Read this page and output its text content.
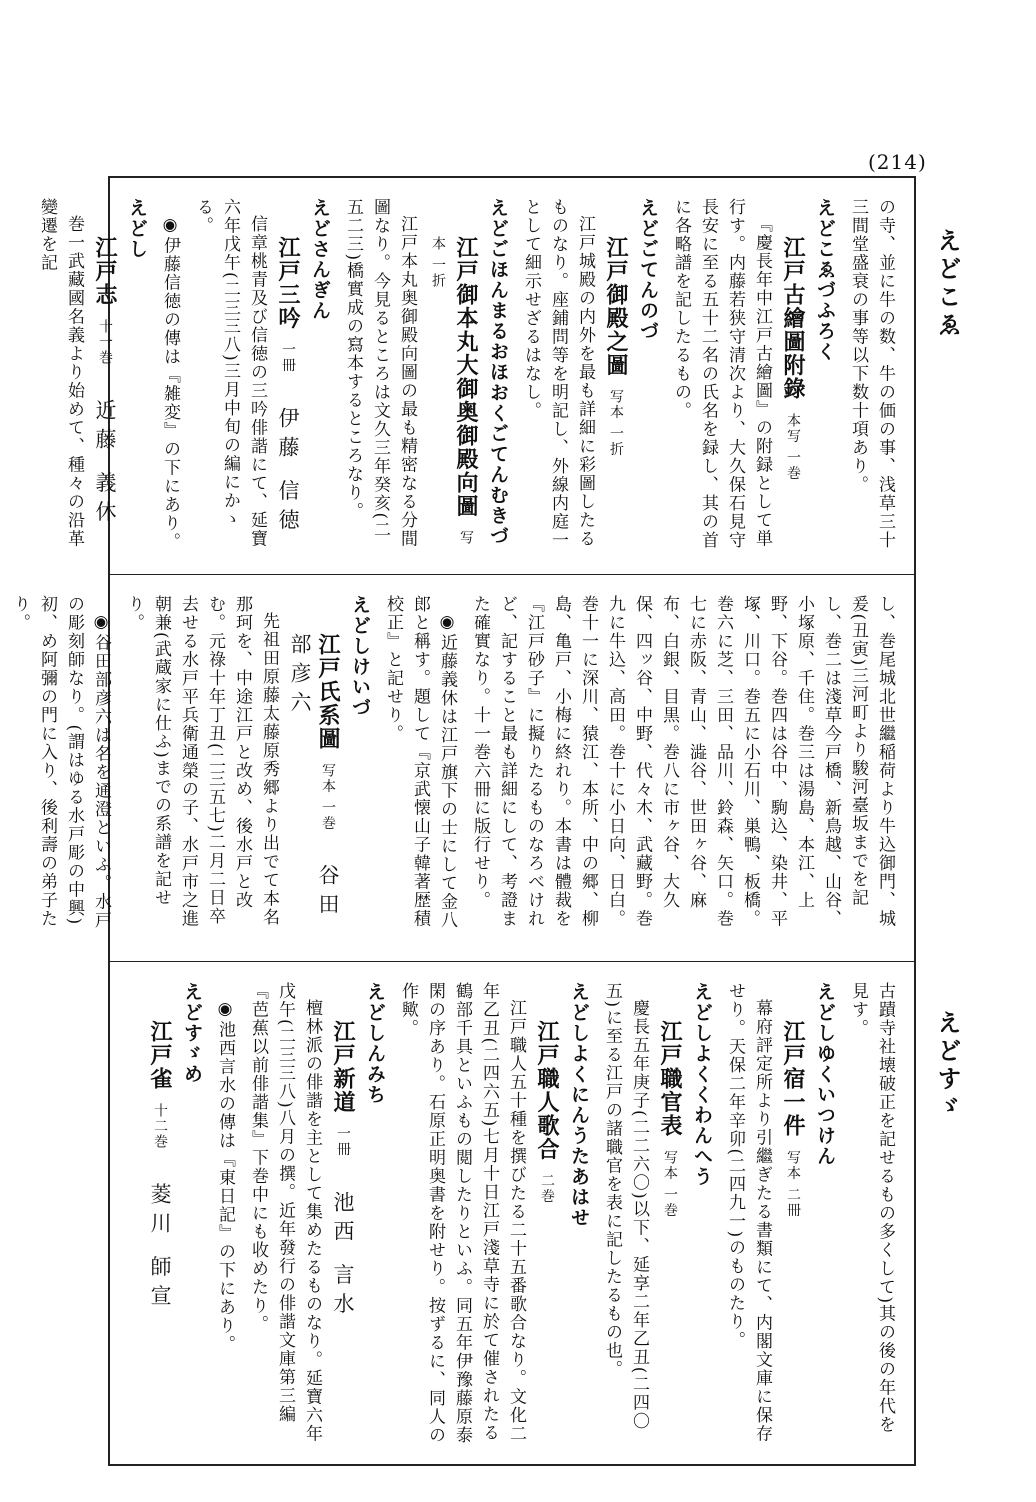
(214)
えどこゑ
えどすゞ
の寺、並に牛の数、牛の価の事、浅草三十三間堂盛衰の事等以下数十項あり。
えどこゑづふろく
江戸古繪圖附錄本写 一巻
『慶長年中江戸古繪圖』の附録として単行す。内藤若狭守清次より、大久保石見守長安に至る五十二名の氏名を録し、其の首に各略譜を記したるもの。
えどごてんのづ
江戸御殿之圖写本 一折
江戸城殿の内外を最も詳細に彩圖したるものなり。座鋪問等を明記し、外線内庭一として細示せざるはなし。
えどごほんまるおほおくごてんむきづ
江戸御本丸大御奥御殿向圖写本 一折
江戸本丸奥御殿向圖の最も精密なる分間圖なり。今見るところは文久三年癸亥(二五二三)橋實成の寫本するところなり。
えどさんぎん
江戸三吟一冊伊藤 信徳
信章桃青及び信徳の三吟俳諧にて、延寶六年戊午(二三三八)三月中旬の編にかゝる。
◉伊藤信徳の傳は『雑変』の下にあり。
えどし
江戸志十一巻近藤 義休
巻一武藏國名義より始めて、種々の沿革變遷を記
し、巻尾城北世繼稲荷より牛込御門、城爰(丑寅)三河町より駿河臺坂までを記し、巻二は淺草今戸橋、新鳥越、山谷、小塚原、千住。巻三は湯島、本江、上野、下谷。巻四は谷中、駒込、染井、平塚、川口。巻五に小石川、巣鴨、板橋。巻六に芝、三田、品川、鈴森、矢口。巻七に赤阪、青山、澁谷、世田ヶ谷、麻布、白銀、目黒。巻八に市ヶ谷、大久保、四ッ谷、中野、代々木、武藏野。巻九に牛込、高田。巻十に小日向、日白。巻十一に深川、猿江、本所、中の郷、柳島、亀戸、小梅に終れり。本書は體裁を『江戸砂子』に擬りたるものなろべけれど、記すること最も詳細にして、考證また確實なり。十一巻六冊に版行せり。
◉近藤義休は江戸旗下の士にして金八郎と稱す。題して『京武懐山子韓著歴積校正』と記せり。
えどしけいづ
江戸氏系圖写本 一巻谷田部彦六
先祖田原藤太藤原秀郷より出でて本名那珂を、中途江戸と改め、後水戸と改む。元祿十年丁丑(二三五七)二月二日卒去せる水戸平兵衛通榮の子、水戸市之進朝兼(武蔵家に仕ふ)までの系譜を記せり。
◉谷田部彦六は名を通澄といふ。水戸の彫刻師なり。(謂はゆる水戸彫の中興)初、め阿彌の門に入り、後利壽の弟子たり。
古蹟寺社壊破正を記せるもの多くして)其の後の年代を見す。
えどしゆくいつけん
江戸宿一件写本 二冊
幕府評定所より引繼ぎたる書類にて、内閣文庫に保存せり。天保二年辛卯(二四九一)のものたり。
えどしよくくわんへう
江戸職官表写本 一巻
慶長五年庚子(二二六〇)以下、延享二年乙丑(二四〇五)に至る江戸の諸職官を表に記したるもの也。
えどしよくにんうたあはせ
江戸職人歌合二巻
江戸職人五十種を撰びたる二十五番歌合なり。文化二年乙丑(二四六五)七月十日江戸淺草寺に於て催されたる鶴部千具といふもの閲したりといふ。同五年伊豫藤原泰閑の序あり。石原正明奥書を附せり。按ずるに、同人の作歟。
えどしんみち
江戸新道一冊池西 言水
檀林派の俳諧を主として集めたるものなり。延寶六年戊午(二三三八)八月の撰。近年發行の俳諧文庫第三編『芭蕉以前俳諧集』下巻中にも收めたり。
◉池西言水の傳は『東日記』の下にあり。
えどすゞめ
江戸雀十二巻菱川 師宣
